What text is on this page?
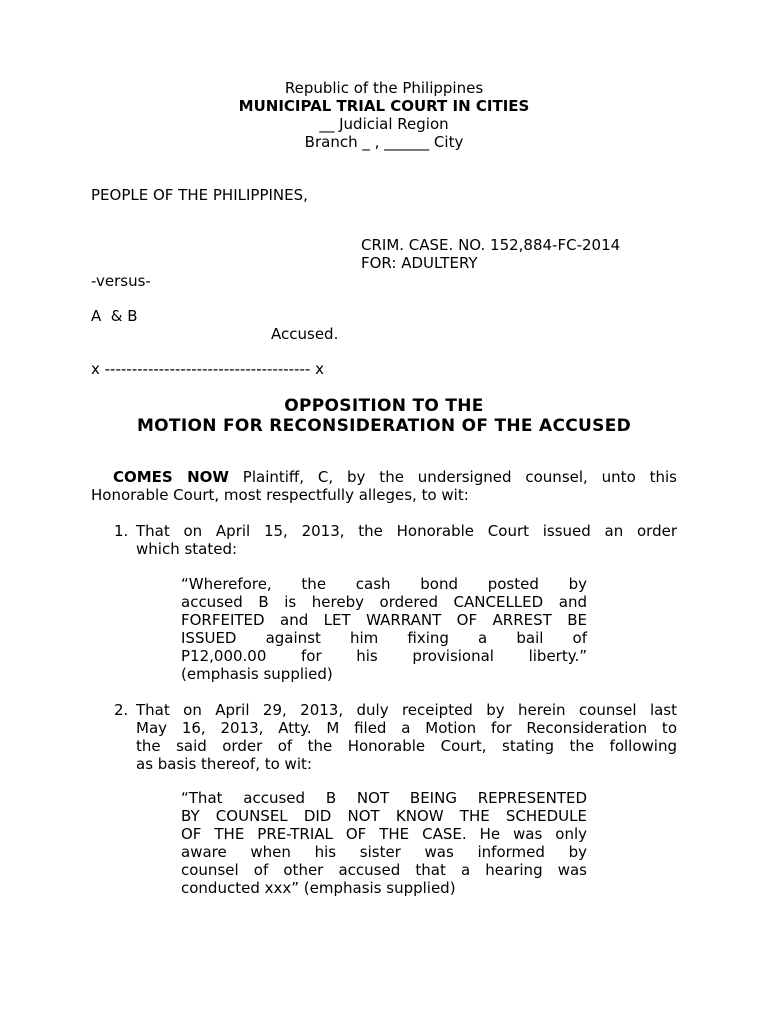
Republic of the Philippines
MUNICIPAL TRIAL COURT IN CITIES
__ Judicial Region
Branch _ , ______ City
PEOPLE OF THE PHILIPPINES,
CRIM. CASE. NO. 152,884-FC-2014
FOR: ADULTERY
-versus-
A  & B
Accused.
x -------------------------------------- x
OPPOSITION TO THE
MOTION FOR RECONSIDERATION OF THE ACCUSED
COMES NOW Plaintiff, C, by the undersigned counsel, unto this
Honorable Court, most respectfully alleges, to wit:
1. That on April 15, 2013, the Honorable Court issued an order
which stated:
“Wherefore, the cash bond posted by
accused B is hereby ordered CANCELLED and
FORFEITED and LET WARRANT OF ARREST BE
ISSUED against him fixing a bail of
P12,000.00 for his provisional liberty.”
(emphasis supplied)
2. That on April 29, 2013, duly receipted by herein counsel last
May 16, 2013, Atty. M filed a Motion for Reconsideration to
the said order of the Honorable Court, stating the following
as basis thereof, to wit:
“That accused B NOT BEING REPRESENTED
BY COUNSEL DID NOT KNOW THE SCHEDULE
OF THE PRE-TRIAL OF THE CASE. He was only
aware when his sister was informed by
counsel of other accused that a hearing was
conducted xxx” (emphasis supplied)
